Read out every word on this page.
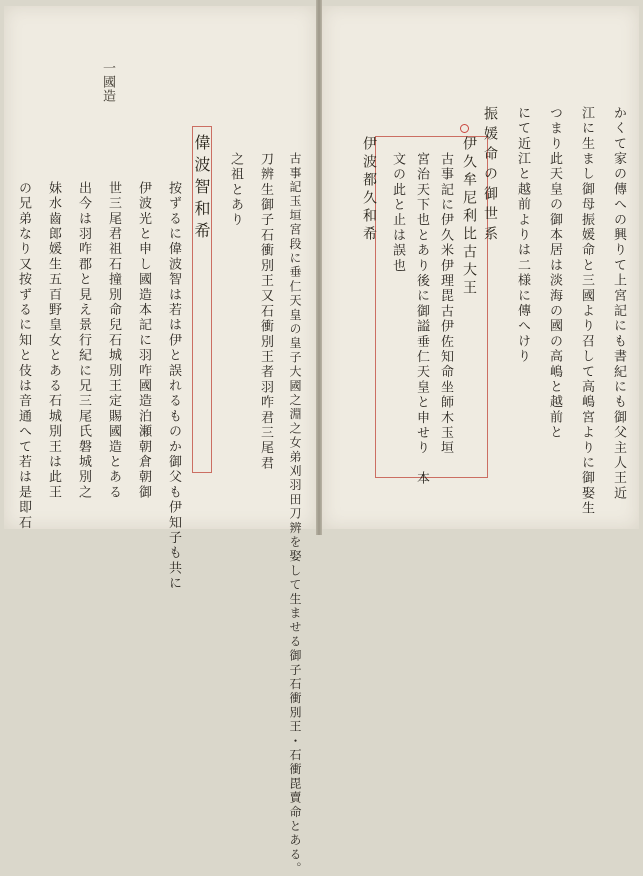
一國造
偉波智和希	古事記玉垣宮段に垂仁天皇の皇子大國之淵之女弟刈羽田刀辨を娶して生ませる御子石衝別王・石衝毘賣命とある。
刀辨生御子石衝別王又石衝別王者羽咋君三尾君
之祖とあり
按ずるに偉波智は若は伊と誤れるものか御父も伊知子も共に
伊波光と申し國造本記に羽咋國造泊瀬朝倉朝御
世三尾君祖石撞別命兒石城別王定賜國造とある
出今は羽咋郡と見え景行紀に兄三尾氏磐城別之
妹水齒郎媛生五百野皇女とある石城別王は此王
の兄弟なり又按ずるに知と伎は音通へて若は是即石	かくて家の傳への興りて上宮記にも書紀にも御父主人王近
江に生まし御母振媛命と三國より召して高嶋宮よりに御娶生
つまり此天皇の御本居は淡海の國の高嶋と越前と
にて近江と越前よりは二様に傳へけり
振媛命の御世系
伊久牟尼利比古大王
古事記に伊久米伊理毘古伊佐知命坐師木玉垣
宮治天下也とあり後に御謚垂仁天皇と申せり　本
文の此と止は誤也
伊波都久和希
